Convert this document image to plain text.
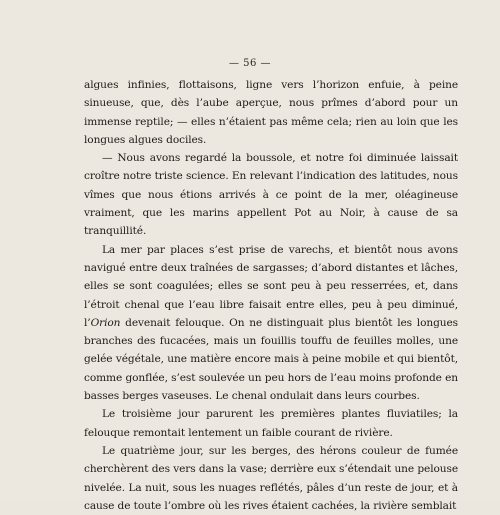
— 56 —

algues infinies, flottaisons, ligne vers l’horizon enfuie, à peine sinueuse, que, dès l’aube aperçue, nous prîmes d’abord pour un immense reptile; — elles n’étaient pas même cela; rien au loin que les longues algues dociles.

— Nous avons regardé la boussole, et notre foi diminuée laissait croître notre triste science. En relevant l’indication des latitudes, nous vîmes que nous étions arrivés à ce point de la mer, oléagineuse vraiment, que les marins appellent Pot au Noir, à cause de sa tranquillité.

La mer par places s’est prise de varechs, et bientôt nous avons navigué entre deux traînées de sargasses; d’abord distantes et lâches, elles se sont coagulées; elles se sont peu à peu resserrées, et, dans l’étroit chenal que l’eau libre faisait entre elles, peu à peu diminué, l’Orion devenait felouque. On ne distinguait plus bientôt les longues branches des fucacées, mais un fouillis touffu de feuilles molles, une gelée végétale, une matière encore mais à peine mobile et qui bientôt, comme gonflée, s’est soulevée un peu hors de l’eau moins profonde en basses berges vaseuses. Le chenal ondulait dans leurs courbes.

Le troisième jour parurent les premières plantes fluviatiles; la felouque remontait lentement un faible courant de rivière.

Le quatrième jour, sur les berges, des hérons couleur de fumée cherchèrent des vers dans la vase; derrière eux s’étendait une pelouse nivelée. La nuit, sous les nuages reflétés, pâles d’un reste de jour, et à cause de toute l’ombre où les rives étaient cachées, la rivière semblait
